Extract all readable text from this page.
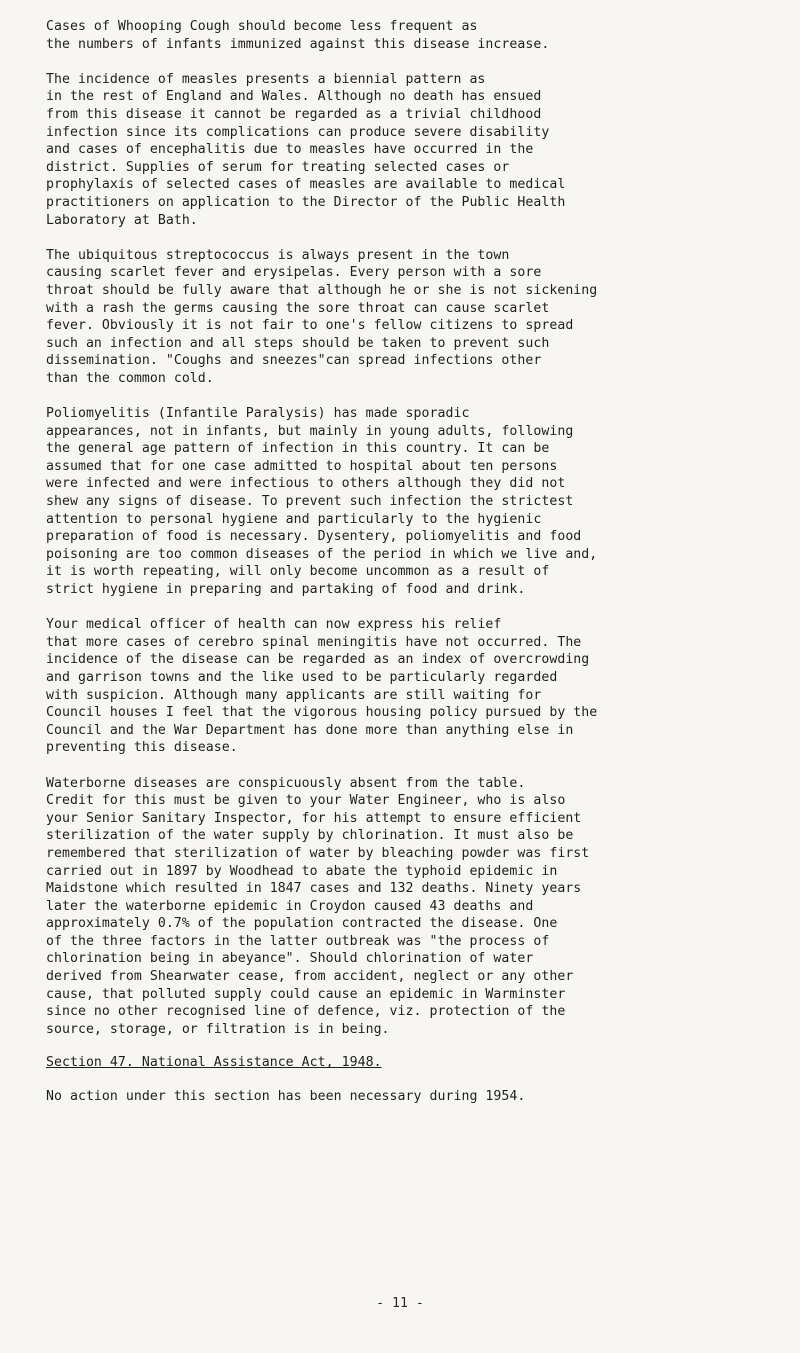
Cases of Whooping Cough should become less frequent as
the numbers of infants immunized against this disease increase.

The incidence of measles presents a biennial pattern as
in the rest of England and Wales. Although no death has ensued
from this disease it cannot be regarded as a trivial childhood
infection since its complications can produce severe disability
and cases of encephalitis due to measles have occurred in the
district. Supplies of serum for treating selected cases or
prophylaxis of selected cases of measles are available to medical
practitioners on application to the Director of the Public Health
Laboratory at Bath.

The ubiquitous streptococcus is always present in the town
causing scarlet fever and erysipelas. Every person with a sore
throat should be fully aware that although he or she is not sickening
with a rash the germs causing the sore throat can cause scarlet
fever. Obviously it is not fair to one's fellow citizens to spread
such an infection and all steps should be taken to prevent such
dissemination. "Coughs and sneezes"can spread infections other
than the common cold.

Poliomyelitis (Infantile Paralysis) has made sporadic
appearances, not in infants, but mainly in young adults, following
the general age pattern of infection in this country. It can be
assumed that for one case admitted to hospital about ten persons
were infected and were infectious to others although they did not
shew any signs of disease. To prevent such infection the strictest
attention to personal hygiene and particularly to the hygienic
preparation of food is necessary. Dysentery, poliomyelitis and food
poisoning are too common diseases of the period in which we live and,
it is worth repeating, will only become uncommon as a result of
strict hygiene in preparing and partaking of food and drink.

Your medical officer of health can now express his relief
that more cases of cerebro spinal meningitis have not occurred. The
incidence of the disease can be regarded as an index of overcrowding
and garrison towns and the like used to be particularly regarded
with suspicion. Although many applicants are still waiting for
Council houses I feel that the vigorous housing policy pursued by the
Council and the War Department has done more than anything else in
preventing this disease.

Waterborne diseases are conspicuously absent from the table.
Credit for this must be given to your Water Engineer, who is also
your Senior Sanitary Inspector, for his attempt to ensure efficient
sterilization of the water supply by chlorination. It must also be
remembered that sterilization of water by bleaching powder was first
carried out in 1897 by Woodhead to abate the typhoid epidemic in
Maidstone which resulted in 1847 cases and 132 deaths. Ninety years
later the waterborne epidemic in Croydon caused 43 deaths and
approximately 0.7% of the population contracted the disease. One
of the three factors in the latter outbreak was "the process of
chlorination being in abeyance". Should chlorination of water
derived from Shearwater cease, from accident, neglect or any other
cause, that polluted supply could cause an epidemic in Warminster
since no other recognised line of defence, viz. protection of the
source, storage, or filtration is in being.

Section 47. National Assistance Act, 1948.

No action under this section has been necessary during 1954.

- 11 -
